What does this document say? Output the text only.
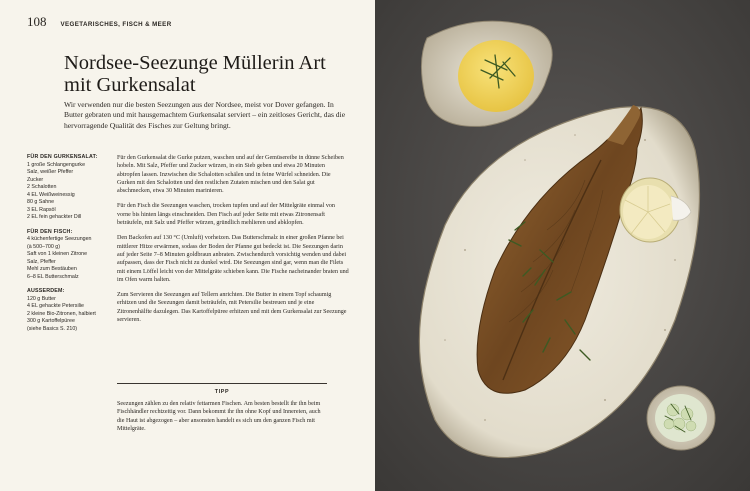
108 VEGETARISCHES, FISCH & MEER
Nordsee-Seezunge Müllerin Art
mit Gurkensalat

Wir verwenden nur die besten Seezungen aus der Nordsee, meist vor Dover gefangen. In Butter gebraten und mit hausgemachtem Gurkensalat serviert – ein zeitloses Gericht, das die hervorragende Qualität des Fisches zur Geltung bringt.

FÜR DEN GURKENSALAT:
1 große Schlangengurke
Salz, weißer Pfeffer
Zucker
2 Schalotten
4 EL Weißweinessig
80 g Sahne
3 EL Rapsöl
2 EL fein gehackter Dill
FÜR DEN FISCH:
4 küchenfertige Seezungen
(à 500–700 g)
Saft von 1 kleinen Zitrone
Salz, Pfeffer
Mehl zum Bestäuben
6–8 EL Butterschmalz
AUSSERDEM:
120 g Butter
4 EL gehackte Petersilie
2 kleine Bio-Zitronen, halbiert
300 g Kartoffelpüree
(siehe Basics S. 210)

Für den Gurkensalat die Gurke putzen, waschen und auf der Gemüsereibe in dünne Scheiben hobeln. Mit Salz, Pfeffer und Zucker würzen, in ein Sieb geben und etwa 20 Minuten abtropfen lassen. Inzwischen die Schalotten schälen und in feine Würfel schneiden. Die Gurken mit den Schalotten und den restlichen Zutaten mischen und den Salat gut abschmecken, etwa 30 Minuten marinieren.

Für den Fisch die Seezungen waschen, trocken tupfen und auf der Mittelgräte einmal von vorne bis hinten längs einschneiden. Den Fisch auf jeder Seite mit etwas Zitronensaft beträufeln, mit Salz und Pfeffer würzen, gründlich mehlieren und abklopfen.

Den Backofen auf 130 °C (Umluft) vorheizen. Das Butterschmalz in einer großen Pfanne bei mittlerer Hitze erwärmen, sodass der Boden der Pfanne gut bedeckt ist. Die Seezungen darin auf jeder Seite 7–8 Minuten goldbraun anbraten. Zwischendurch vorsichtig wenden und dabei aufpassen, dass der Fisch nicht zu dunkel wird. Die Seezungen sind gar, wenn man die Filets mit einem Löffel leicht von der Mittelgräte schieben kann. Die Fische nacheinander braten und im Ofen warm halten.

Zum Servieren die Seezungen auf Tellern anrichten. Die Butter in einem Topf schaumig erhitzen und die Seezungen damit beträufeln, mit Petersilie bestreuen und je eine Zitronenhälfte dazulegen. Das Kartoffelpüree erhitzen und mit dem Gurkensalat zur Seezunge servieren.

TIPP

Seezungen zählen zu den relativ fettarmen Fischen. Am besten bestellt ihr ihn beim Fischhändler rechtzeitig vor. Dann bekommt ihr ihn ohne Kopf und Innereien, auch die Haut ist abgezogen – aber ansonsten handelt es sich um den ganzen Fisch mit Mittelgräte.
